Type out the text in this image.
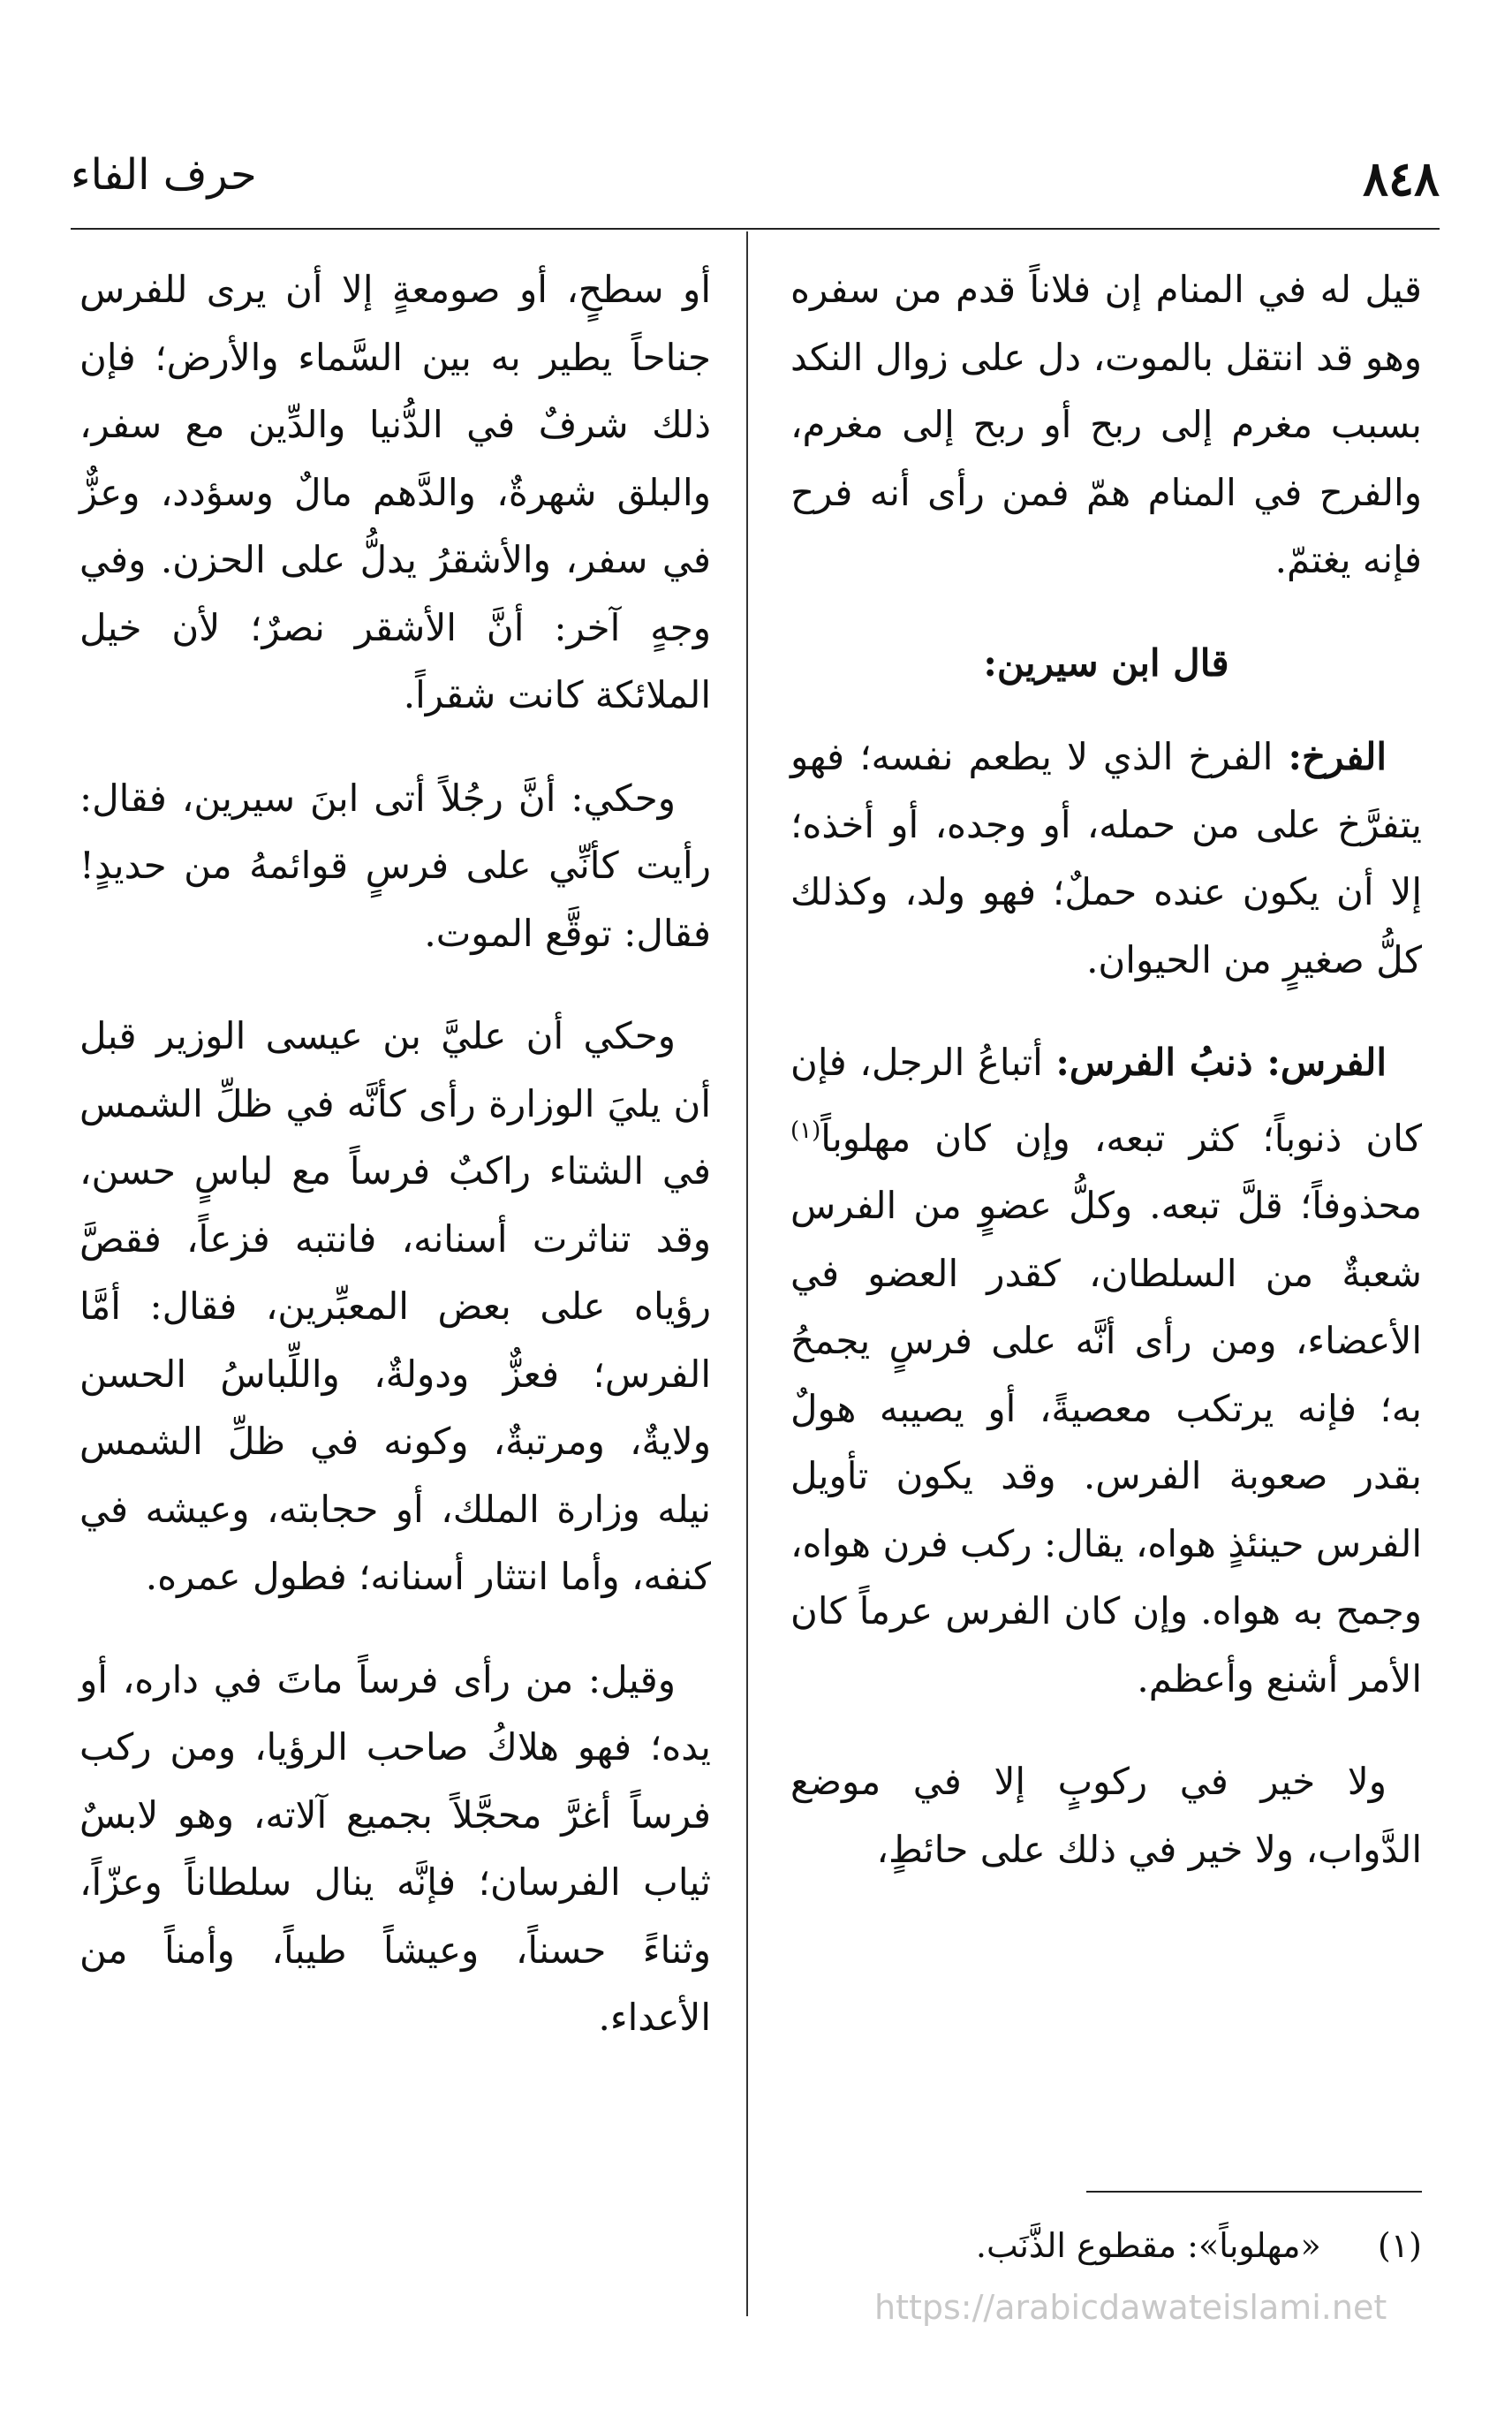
٨٤٨
حرف الفاء

قيل له في المنام إن فلاناً قدم من سفره وهو قد انتقل بالموت، دل على زوال النكد بسبب مغرم إلى ربح أو ربح إلى مغرم، والفرح في المنام همّ فمن رأى أنه فرح فإنه يغتمّ.

قال ابن سيرين:

الفرخ: الفرخ الذي لا يطعم نفسه؛ فهو يتفرَّخ على من حمله، أو وجده، أو أخذه؛ إلا أن يكون عنده حملٌ؛ فهو ولد، وكذلك كلُّ صغيرٍ من الحيوان.

الفرس: ذنبُ الفرس: أتباعُ الرجل، فإن كان ذنوباً؛ كثر تبعه، وإن كان مهلوباً$^{(١)}$ محذوفاً؛ قلَّ تبعه. وكلُّ عضوٍ من الفرس شعبةٌ من السلطان، كقدر العضو في الأعضاء، ومن رأى أنَّه على فرسٍ يجمحُ به؛ فإنه يرتكب معصيةً، أو يصيبه هولٌ بقدر صعوبة الفرس. وقد يكون تأويل الفرس حينئذٍ هواه، يقال: ركب فرن هواه، وجمح به هواه. وإن كان الفرس عرماً كان الأمر أشنع وأعظم.

ولا خير في ركوبٍ إلا في موضع الدَّواب، ولا خير في ذلك على حائطٍ،

أو سطحٍ، أو صومعةٍ إلا أن يرى للفرس جناحاً يطير به بين السَّماء والأرض؛ فإن ذلك شرفٌ في الدُّنيا والدِّين مع سفر، والبلق شهرةٌ، والدَّهم مالٌ وسؤدد، وعزٌّ في سفر، والأشقرُ يدلُّ على الحزن. وفي وجهٍ آخر: أنَّ الأشقر نصرٌ؛ لأن خيل الملائكة كانت شقراً.

وحكي: أنَّ رجُلاً أتى ابنَ سيرين، فقال: رأيت كأنِّي على فرسٍ قوائمهُ من حديدٍ! فقال: توقَّع الموت.

وحكي أن عليَّ بن عيسى الوزير قبل أن يليَ الوزارة رأى كأنَّه في ظلِّ الشمس في الشتاء راكبٌ فرساً مع لباسٍ حسن، وقد تناثرت أسنانه، فانتبه فزعاً، فقصَّ رؤياه على بعض المعبِّرين، فقال: أمَّا الفرس؛ فعزٌّ ودولةٌ، واللِّباسُ الحسن ولايةٌ، ومرتبةٌ، وكونه في ظلِّ الشمس نيله وزارة الملك، أو حجابته، وعيشه في كنفه، وأما انتثار أسنانه؛ فطول عمره.

وقيل: من رأى فرساً ماتَ في داره، أو يده؛ فهو هلاكُ صاحب الرؤيا، ومن ركب فرساً أغرَّ محجَّلاً بجميع آلاته، وهو لابسٌ ثياب الفرسان؛ فإنَّه ينال سلطاناً وعزّاً، وثناءً حسناً، وعيشاً طيباً، وأمناً من الأعداء.

(١)  «مهلوباً»: مقطوع الذَّنَب.
https://arabicdawateislami.net
